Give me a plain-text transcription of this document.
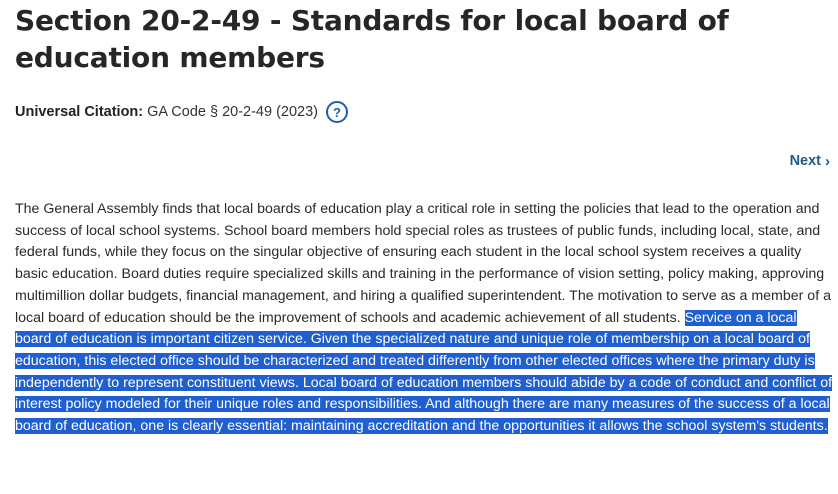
Section 20-2-49 - Standards for local board of education members
Universal Citation: GA Code § 20-2-49 (2023)	?
Next ›

The General Assembly finds that local boards of education play a critical role in setting the policies that lead to the operation and success of local school systems. School board members hold special roles as trustees of public funds, including local, state, and federal funds, while they focus on the singular objective of ensuring each student in the local school system receives a quality basic education. Board duties require specialized skills and training in the performance of vision setting, policy making, approving multimillion dollar budgets, financial management, and hiring a qualified superintendent. The motivation to serve as a member of a local board of education should be the improvement of schools and academic achievement of all students. Service on a local board of education is important citizen service. Given the specialized nature and unique role of membership on a local board of education, this elected office should be characterized and treated differently from other elected offices where the primary duty is independently to represent constituent views. Local board of education members should abide by a code of conduct and conflict of interest policy modeled for their unique roles and responsibilities. And although there are many measures of the success of a local board of education, one is clearly essential: maintaining accreditation and the opportunities it allows the school system's students.
